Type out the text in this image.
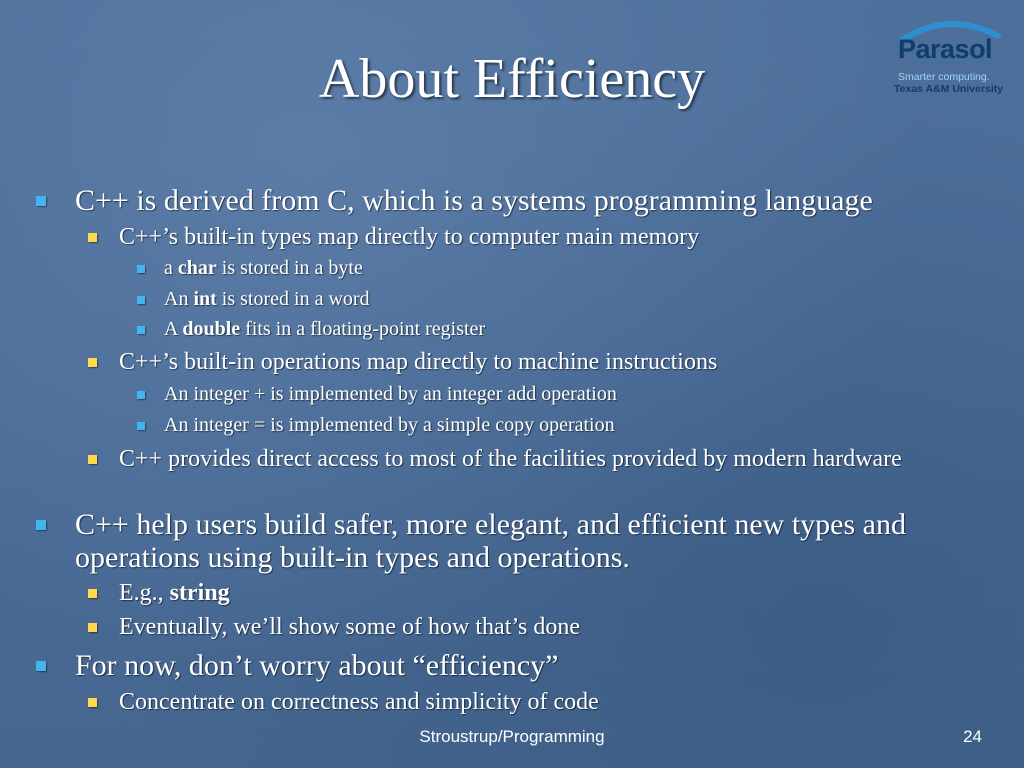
About Efficiency	Parasol
Smarter computing.
Texas A&M University
C++ is derived from C, which is a systems programming language
C++’s built-in types map directly to computer main memory
a char is stored in a byte
An int is stored in a word
A double fits in a floating-point register
C++’s built-in operations map directly to machine instructions
An integer + is implemented by an integer add operation
An integer = is implemented by a simple copy operation
C++ provides direct access to most of the facilities provided by modern hardware
C++ help users build safer, more elegant, and efficient new types and operations using built-in types and operations.
E.g., string
Eventually, we’ll show some of how that’s done
For now, don’t worry about “efficiency”
Concentrate on correctness and simplicity of code
Stroustrup/Programming	24
